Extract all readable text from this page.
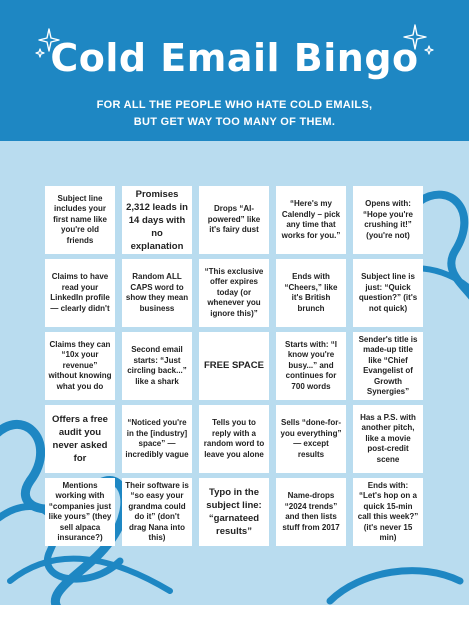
Cold Email Bingo

FOR ALL THE PEOPLE WHO HATE COLD EMAILS,
BUT GET WAY TOO MANY OF THEM.

Subject line includes your first name like you're old friends
Promises 2,312 leads in 14 days with no explanation
Drops “AI-powered” like it's fairy dust
“Here's my Calendly – pick any time that works for you.”
Opens with: “Hope you're crushing it!” (you're not)
Claims to have read your LinkedIn profile— clearly didn't
Random ALL CAPS word to show they mean business
“This exclusive offer expires today (or whenever you ignore this)”
Ends with “Cheers,” like it's British brunch
Subject line is just: “Quick question?” (it's not quick)
Claims they can “10x your revenue” without knowing what you do
Second email starts: “Just circling back...” like a shark
FREE SPACE
Starts with: “I know you're busy...” and continues for 700 words
Sender's title is made-up title like “Chief Evangelist of Growth Synergies”
Offers a free audit you never asked for
“Noticed you're in the [industry] space” — incredibly vague
Tells you to reply with a random word to leave you alone
Sells “done-for-you everything” — except results
Has a P.S. with another pitch, like a movie post-credit scene
Mentions working with “companies just like yours” (they sell alpaca insurance?)
Their software is “so easy your grandma could do it” (don't drag Nana into this)
Typo in the subject line: “garnateed results”
Name-drops “2024 trends” and then lists stuff from 2017
Ends with: “Let's hop on a quick 15-min call this week?” (it's never 15 min)
